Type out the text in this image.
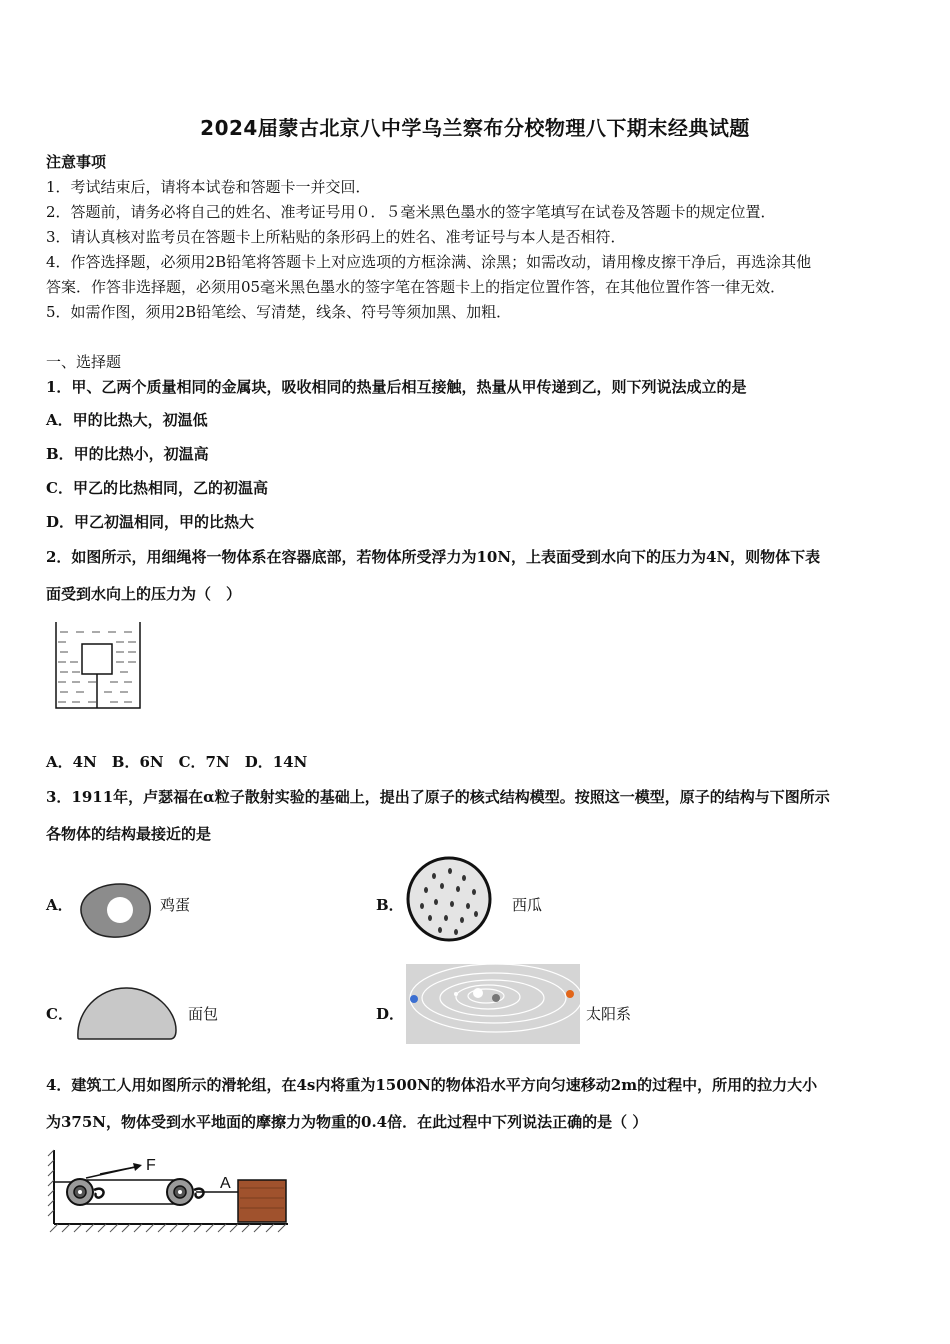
2024届蒙古北京八中学乌兰察布分校物理八下期末经典试题
注意事项
1．考试结束后，请将本试卷和答题卡一并交回．
2．答题前，请务必将自己的姓名、准考证号用０．５毫米黑色墨水的签字笔填写在试卷及答题卡的规定位置．
3．请认真核对监考员在答题卡上所粘贴的条形码上的姓名、准考证号与本人是否相符．
4．作答选择题，必须用2B铅笔将答题卡上对应选项的方框涂满、涂黑；如需改动，请用橡皮擦干净后，再选涂其他
答案．作答非选择题，必须用05毫米黑色墨水的签字笔在答题卡上的指定位置作答，在其他位置作答一律无效．
5．如需作图，须用2B铅笔绘、写清楚，线条、符号等须加黑、加粗．
一、选择题
1．甲、乙两个质量相同的金属块，吸收相同的热量后相互接触，热量从甲传递到乙，则下列说法成立的是
A．甲的比热大，初温低
B．甲的比热小，初温高
C．甲乙的比热相同，乙的初温高
D．甲乙初温相同，甲的比热大
2．如图所示，用细绳将一物体系在容器底部，若物体所受浮力为10N，上表面受到水向下的压力为4N，则物体下表
面受到水向上的压力为（　）
A．4N　B．6N　C．7N　D．14N
3．1911年，卢瑟福在α粒子散射实验的基础上，提出了原子的核式结构模型。按照这一模型，原子的结构与下图所示
各物体的结构最接近的是
A．	鸡蛋	B．	西瓜
C．	面包	D．	太阳系
4．建筑工人用如图所示的滑轮组，在4s内将重为1500N的物体沿水平方向匀速移动2m的过程中，所用的拉力大小
为375N，物体受到水平地面的摩擦力为物重的0.4倍．在此过程中下列说法正确的是（ ）
F
A
